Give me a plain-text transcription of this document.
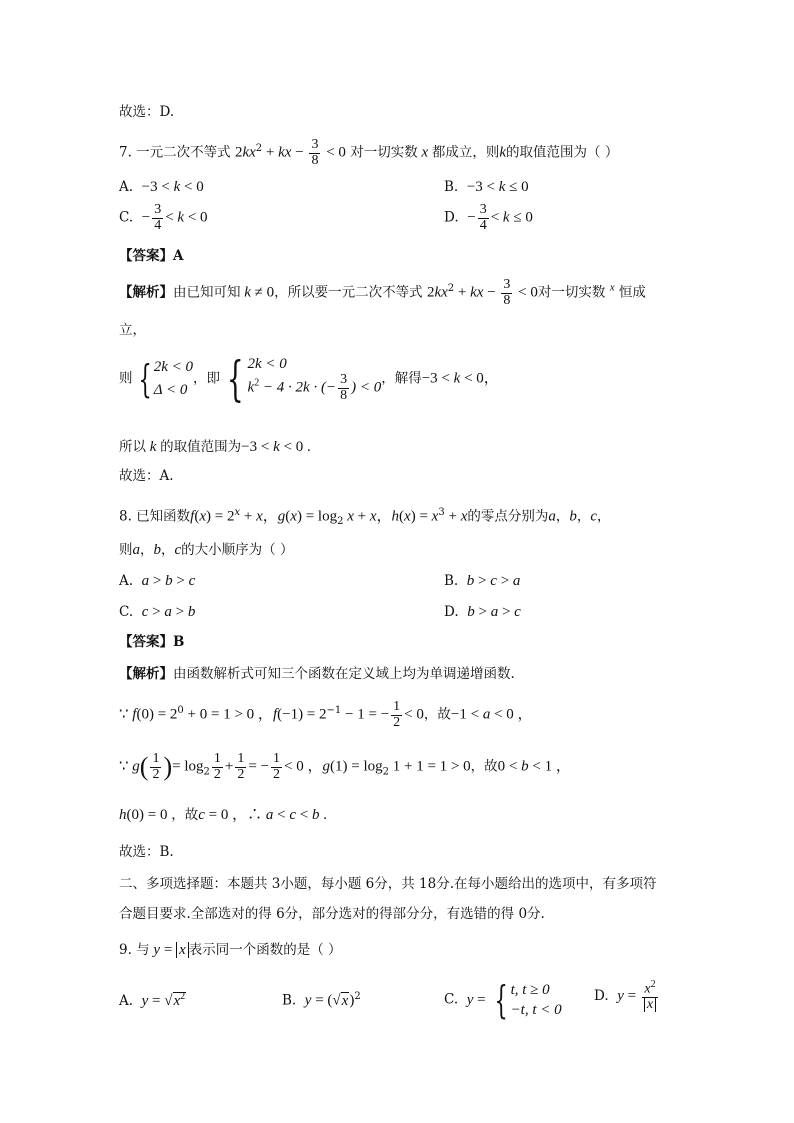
故选：D.
7. 一元二次不等式 $2kx^2$ + kx − $\frac{3}{8} < 0$ 对一切实数 x 都成立，则k的取值范围为（ ）
A. −3 < k < 0	B. −3 < k ≤ 0
C. − $\frac{3}{4} < k < 0$	D. − $\frac{3}{4} < k \le 0$
【答案】A
【解析】由已知可知 k ≠ 0，所以要一元二次不等式 $2kx^2$ + kx − $\frac{3}{8} < 0$对一切实数 $^x$ 恒成
立，
则 { 2k < 0
Δ < 0，即 { 2k < 0
$k^2 - 4 \cdot 2k$ · (− $\frac{3}{8}$ ) < 0，解得−3 < k < 0，
所以 k 的取值范围为−3 < k < 0 .
故选：A.
8. 已知函数$f(x) = 2^x + x$，$g(x) = \log_2 x + x$，$h(x) = x^3 + x$的零点分别为a，b，c，
则a，b，c的大小顺序为（ ）
A.  a > b > c	B.  b > c > a
C.  c > a > b	D.  b > a > c
【答案】B
【解析】由函数解析式可知三个函数在定义域上均为单调递增函数.
∵ $f(0) = 2^0 + 0 = 1 > 0$ ，$f(-1) = 2^{-1} - 1$ = − $\frac{1}{2} < 0$，故−1 < a < 0 ，
∵ $g( \frac{1}{2}$ )= $\log_2 \frac{1}{2} + \frac{1}{2}$ = − $\frac{1}{2} < 0$ ，$g(1) = \log_2 1 + 1 = 1 > 0$，故0 < b < 1 ，
h(0) = 0 ，故c = 0 ，∴ a < c < b .
故选：B.
二、多项选择题：本题共 3小题，每小题 6分，共 18分.在每小题给出的选项中，有多项符
合题目要求.全部选对的得 6分，部分选对的得部分分，有选错的得 0分.
9. 与 y = x 表示同一个函数的是（ ）
A.  $y = √x^2$	B.  $y = (√x)^2$	C. y = { t, t ≥ 0
−t, t < 0
D. $y = \frac{x^2}{x}$
